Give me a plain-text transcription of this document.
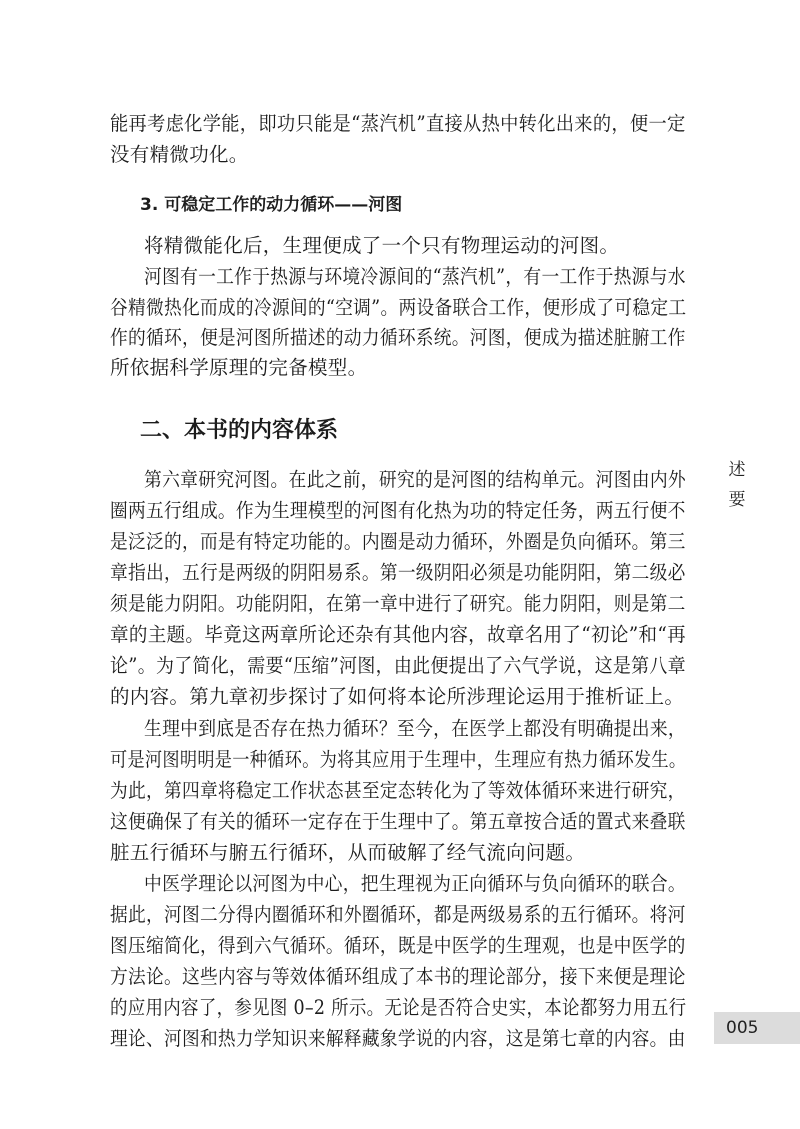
能再考虑化学能，即功只能是“蒸汽机”直接从热中转化出来的，便一定
没有精微功化。
3. 可稳定工作的动力循环——河图
将精微能化后，生理便成了一个只有物理运动的河图。
河图有一工作于热源与环境冷源间的“蒸汽机”，有一工作于热源与水
谷精微热化而成的冷源间的“空调”。两设备联合工作，便形成了可稳定工
作的循环，便是河图所描述的动力循环系统。河图，便成为描述脏腑工作
所依据科学原理的完备模型。
二、本书的内容体系
第六章研究河图。在此之前，研究的是河图的结构单元。河图由内外
圈两五行组成。作为生理模型的河图有化热为功的特定任务，两五行便不
是泛泛的，而是有特定功能的。内圈是动力循环，外圈是负向循环。第三
章指出，五行是两级的阴阳易系。第一级阴阳必须是功能阴阳，第二级必
须是能力阴阳。功能阴阳，在第一章中进行了研究。能力阴阳，则是第二
章的主题。毕竟这两章所论还杂有其他内容，故章名用了“初论”和“再
论”。为了简化，需要“压缩”河图，由此便提出了六气学说，这是第八章
的内容。第九章初步探讨了如何将本论所涉理论运用于推析证上。
生理中到底是否存在热力循环？至今，在医学上都没有明确提出来，
可是河图明明是一种循环。为将其应用于生理中，生理应有热力循环发生。
为此，第四章将稳定工作状态甚至定态转化为了等效体循环来进行研究，
这便确保了有关的循环一定存在于生理中了。第五章按合适的置式来叠联
脏五行循环与腑五行循环，从而破解了经气流向问题。
中医学理论以河图为中心，把生理视为正向循环与负向循环的联合。
据此，河图二分得内圈循环和外圈循环，都是两级易系的五行循环。将河
图压缩简化，得到六气循环。循环，既是中医学的生理观，也是中医学的
方法论。这些内容与等效体循环组成了本书的理论部分，接下来便是理论
的应用内容了，参见图 0–2 所示。无论是否符合史实，本论都努力用五行
理论、河图和热力学知识来解释藏象学说的内容，这是第七章的内容。由
述
要
005
